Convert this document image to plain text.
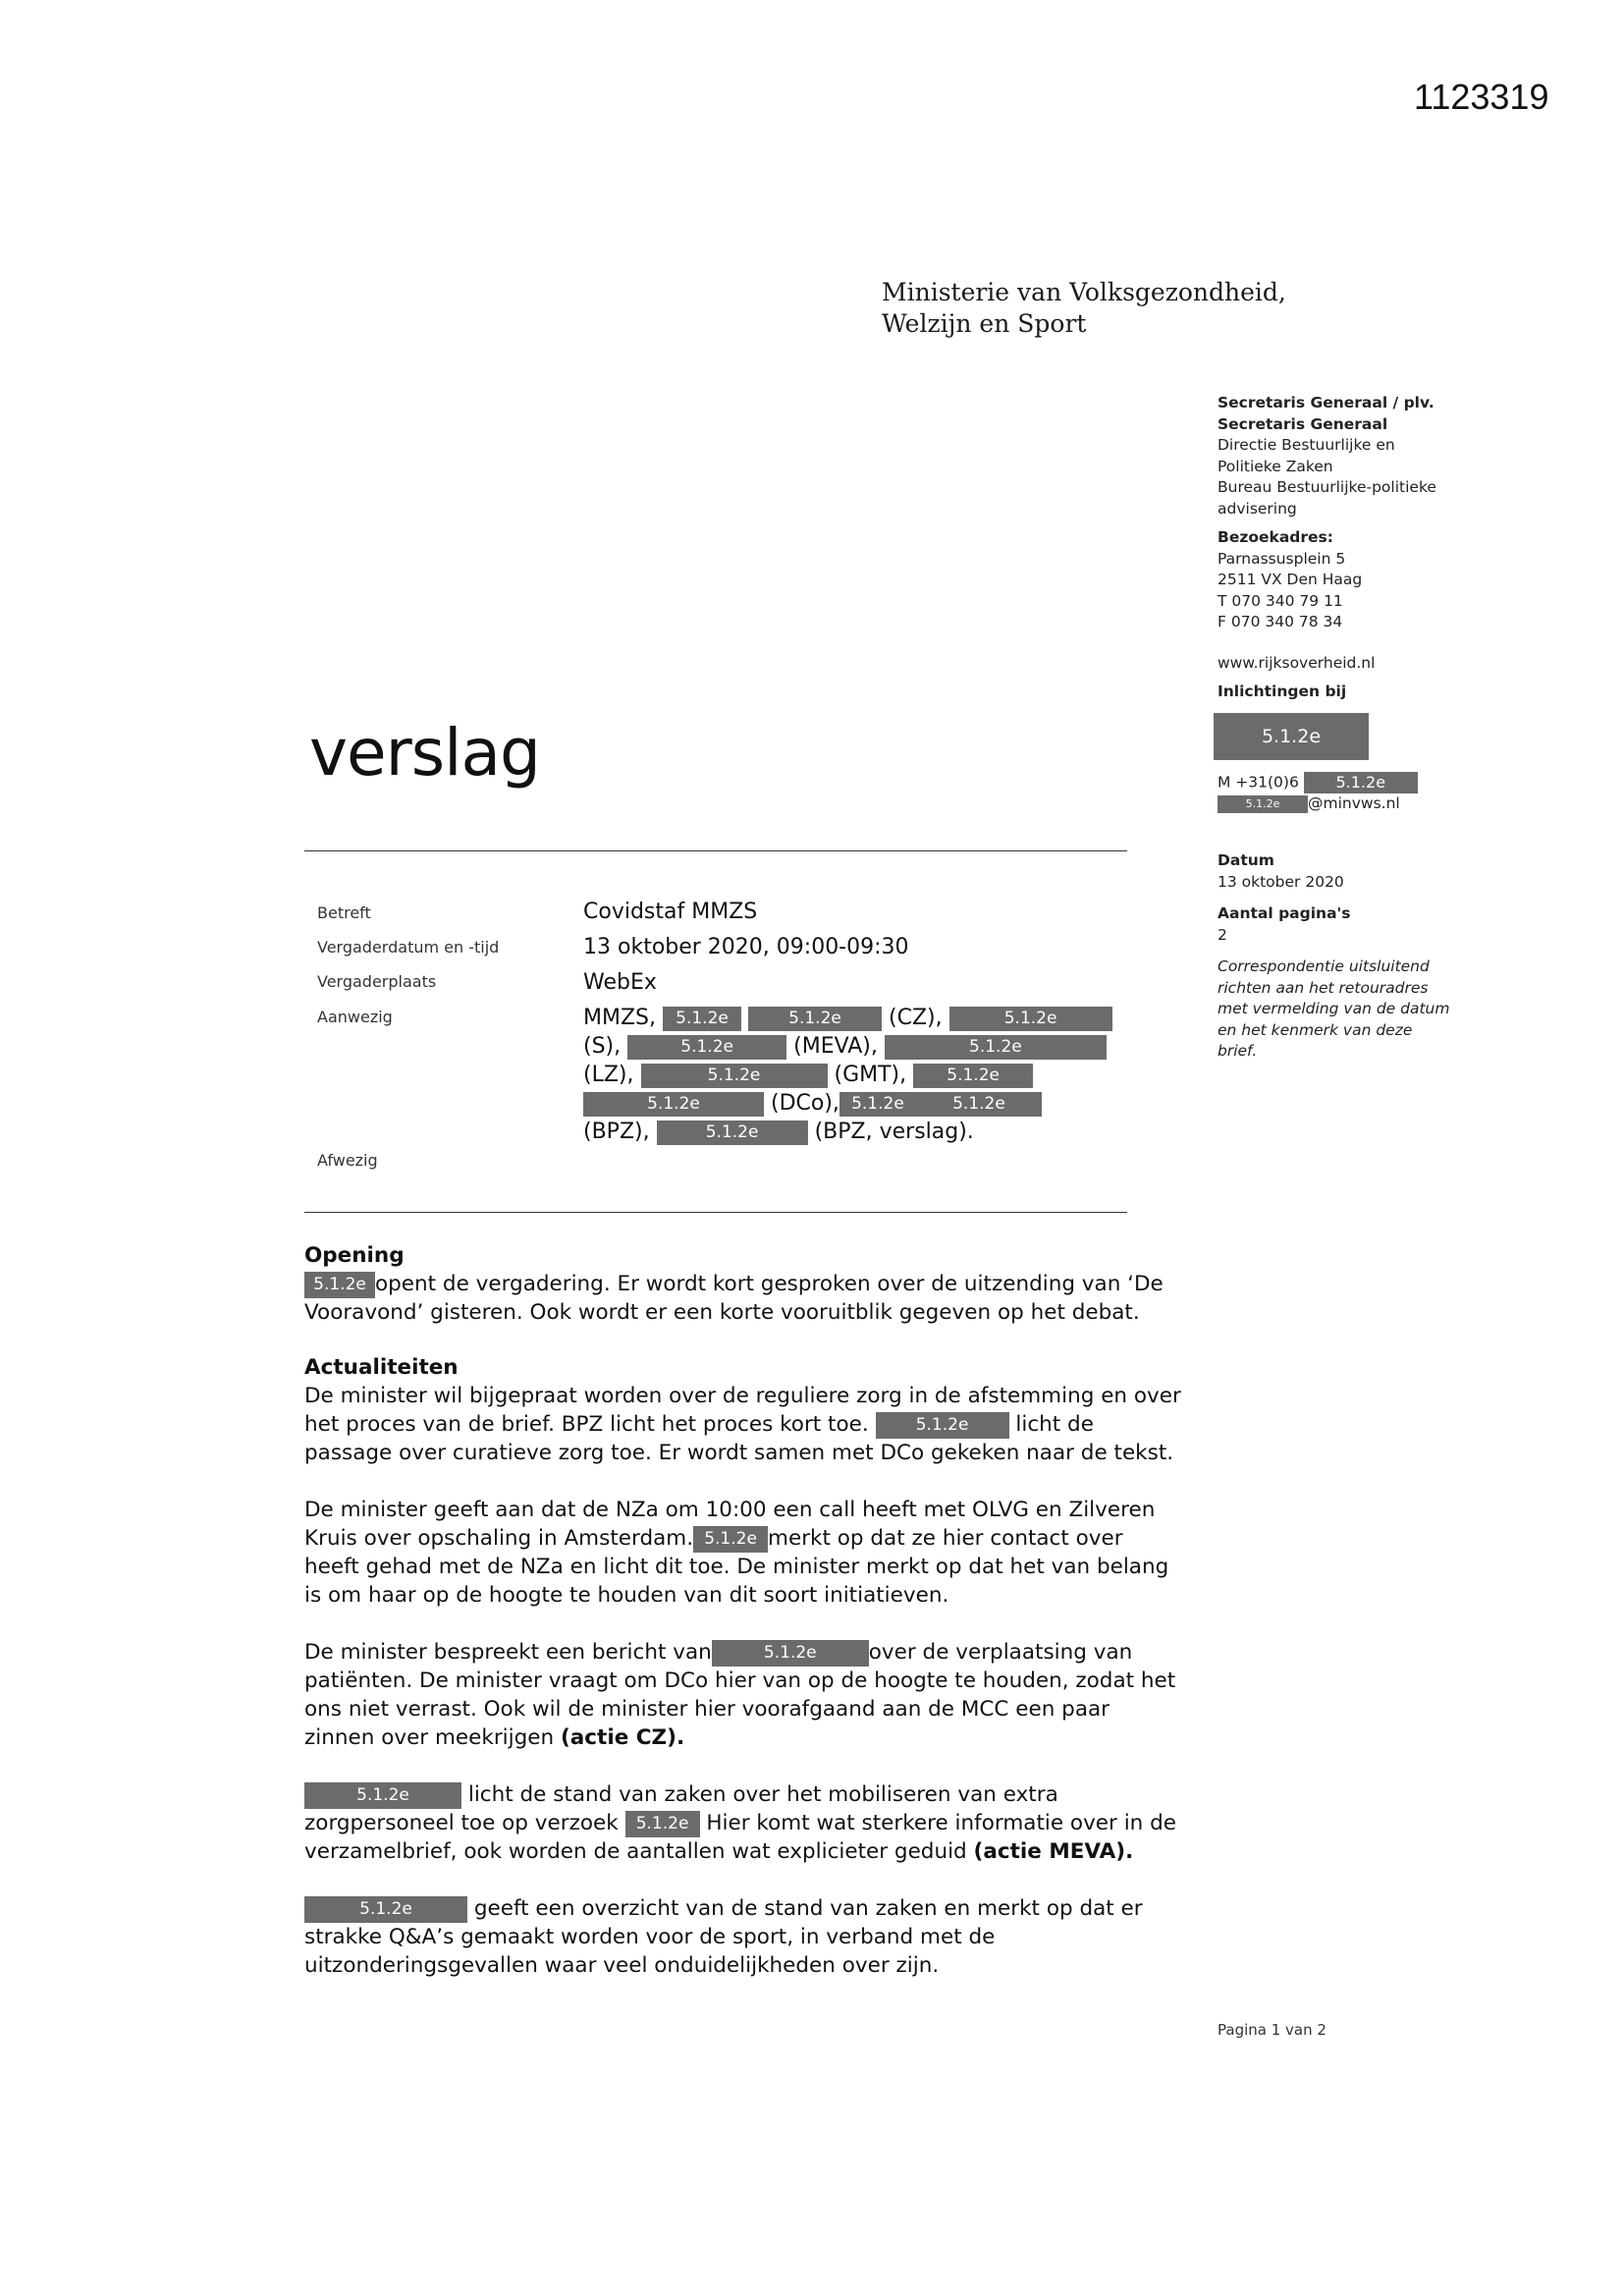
1123319
Ministerie van Volksgezondheid,
Welzijn en Sport
verslag
Secretaris Generaal / plv.
Secretaris Generaal
Directie Bestuurlijke en
Politieke Zaken
Bureau Bestuurlijke-politieke
advisering
Bezoekadres:
Parnassusplein 5
2511 VX Den Haag
T 070 340 79 11
F 070 340 78 34
www.rijksoverheid.nl
Inlichtingen bij
5.1.2e
M +31(0)6 5.1.2e
5.1.2e @minvws.nl
Datum
13 oktober 2020
Aantal pagina's
2
Correspondentie uitsluitend
richten aan het retouradres
met vermelding van de datum
en het kenmerk van deze
brief.
Betreft	Covidstaf MMZS
Vergaderdatum en -tijd	13 oktober 2020, 09:00-09:30
Vergaderplaats	WebEx
Aanwezig	MMZS, 5.1.2e	5.1.2e (CZ),	5.1.2e
(S),	5.1.2e	(MEVA),	5.1.2e
(LZ),	5.1.2e	(GMT), 5.1.2e
5.1.2e	(DCo), 5.1.2e	5.1.2e
(BPZ),	5.1.2e	(BPZ, verslag).
Afwezig
Opening

5.1.2e opent de vergadering. Er wordt kort gesproken over de uitzending van ‘De

Vooravond’ gisteren. Ook wordt er een korte vooruitblik gegeven op het debat.

Actualiteiten

De minister wil bijgepraat worden over de reguliere zorg in de afstemming en over

het proces van de brief. BPZ licht het proces kort toe.	5.1.2e licht de

passage over curatieve zorg toe. Er wordt samen met DCo gekeken naar de tekst.

De minister geeft aan dat de NZa om 10:00 een call heeft met OLVG en Zilveren

Kruis over opschaling in Amsterdam. 5.1.2e merkt op dat ze hier contact over

heeft gehad met de NZa en licht dit toe. De minister merkt op dat het van belang

is om haar op de hoogte te houden van dit soort initiatieven.

De minister bespreekt een bericht van	5.1.2e over de verplaatsing van

patiënten. De minister vraagt om DCo hier van op de hoogte te houden, zodat het

ons niet verrast. Ook wil de minister hier voorafgaand aan de MCC een paar

zinnen over meekrijgen (actie CZ).

5.1.2e	licht de stand van zaken over het mobiliseren van extra

zorgpersoneel toe op verzoek 5.1.2e Hier komt wat sterkere informatie over in de

verzamelbrief, ook worden de aantallen wat explicieter geduid (actie MEVA).

5.1.2e	geeft een overzicht van de stand van zaken en merkt op dat er

strakke Q&A’s gemaakt worden voor de sport, in verband met de

uitzonderingsgevallen waar veel onduidelijkheden over zijn.

Pagina 1 van 2
